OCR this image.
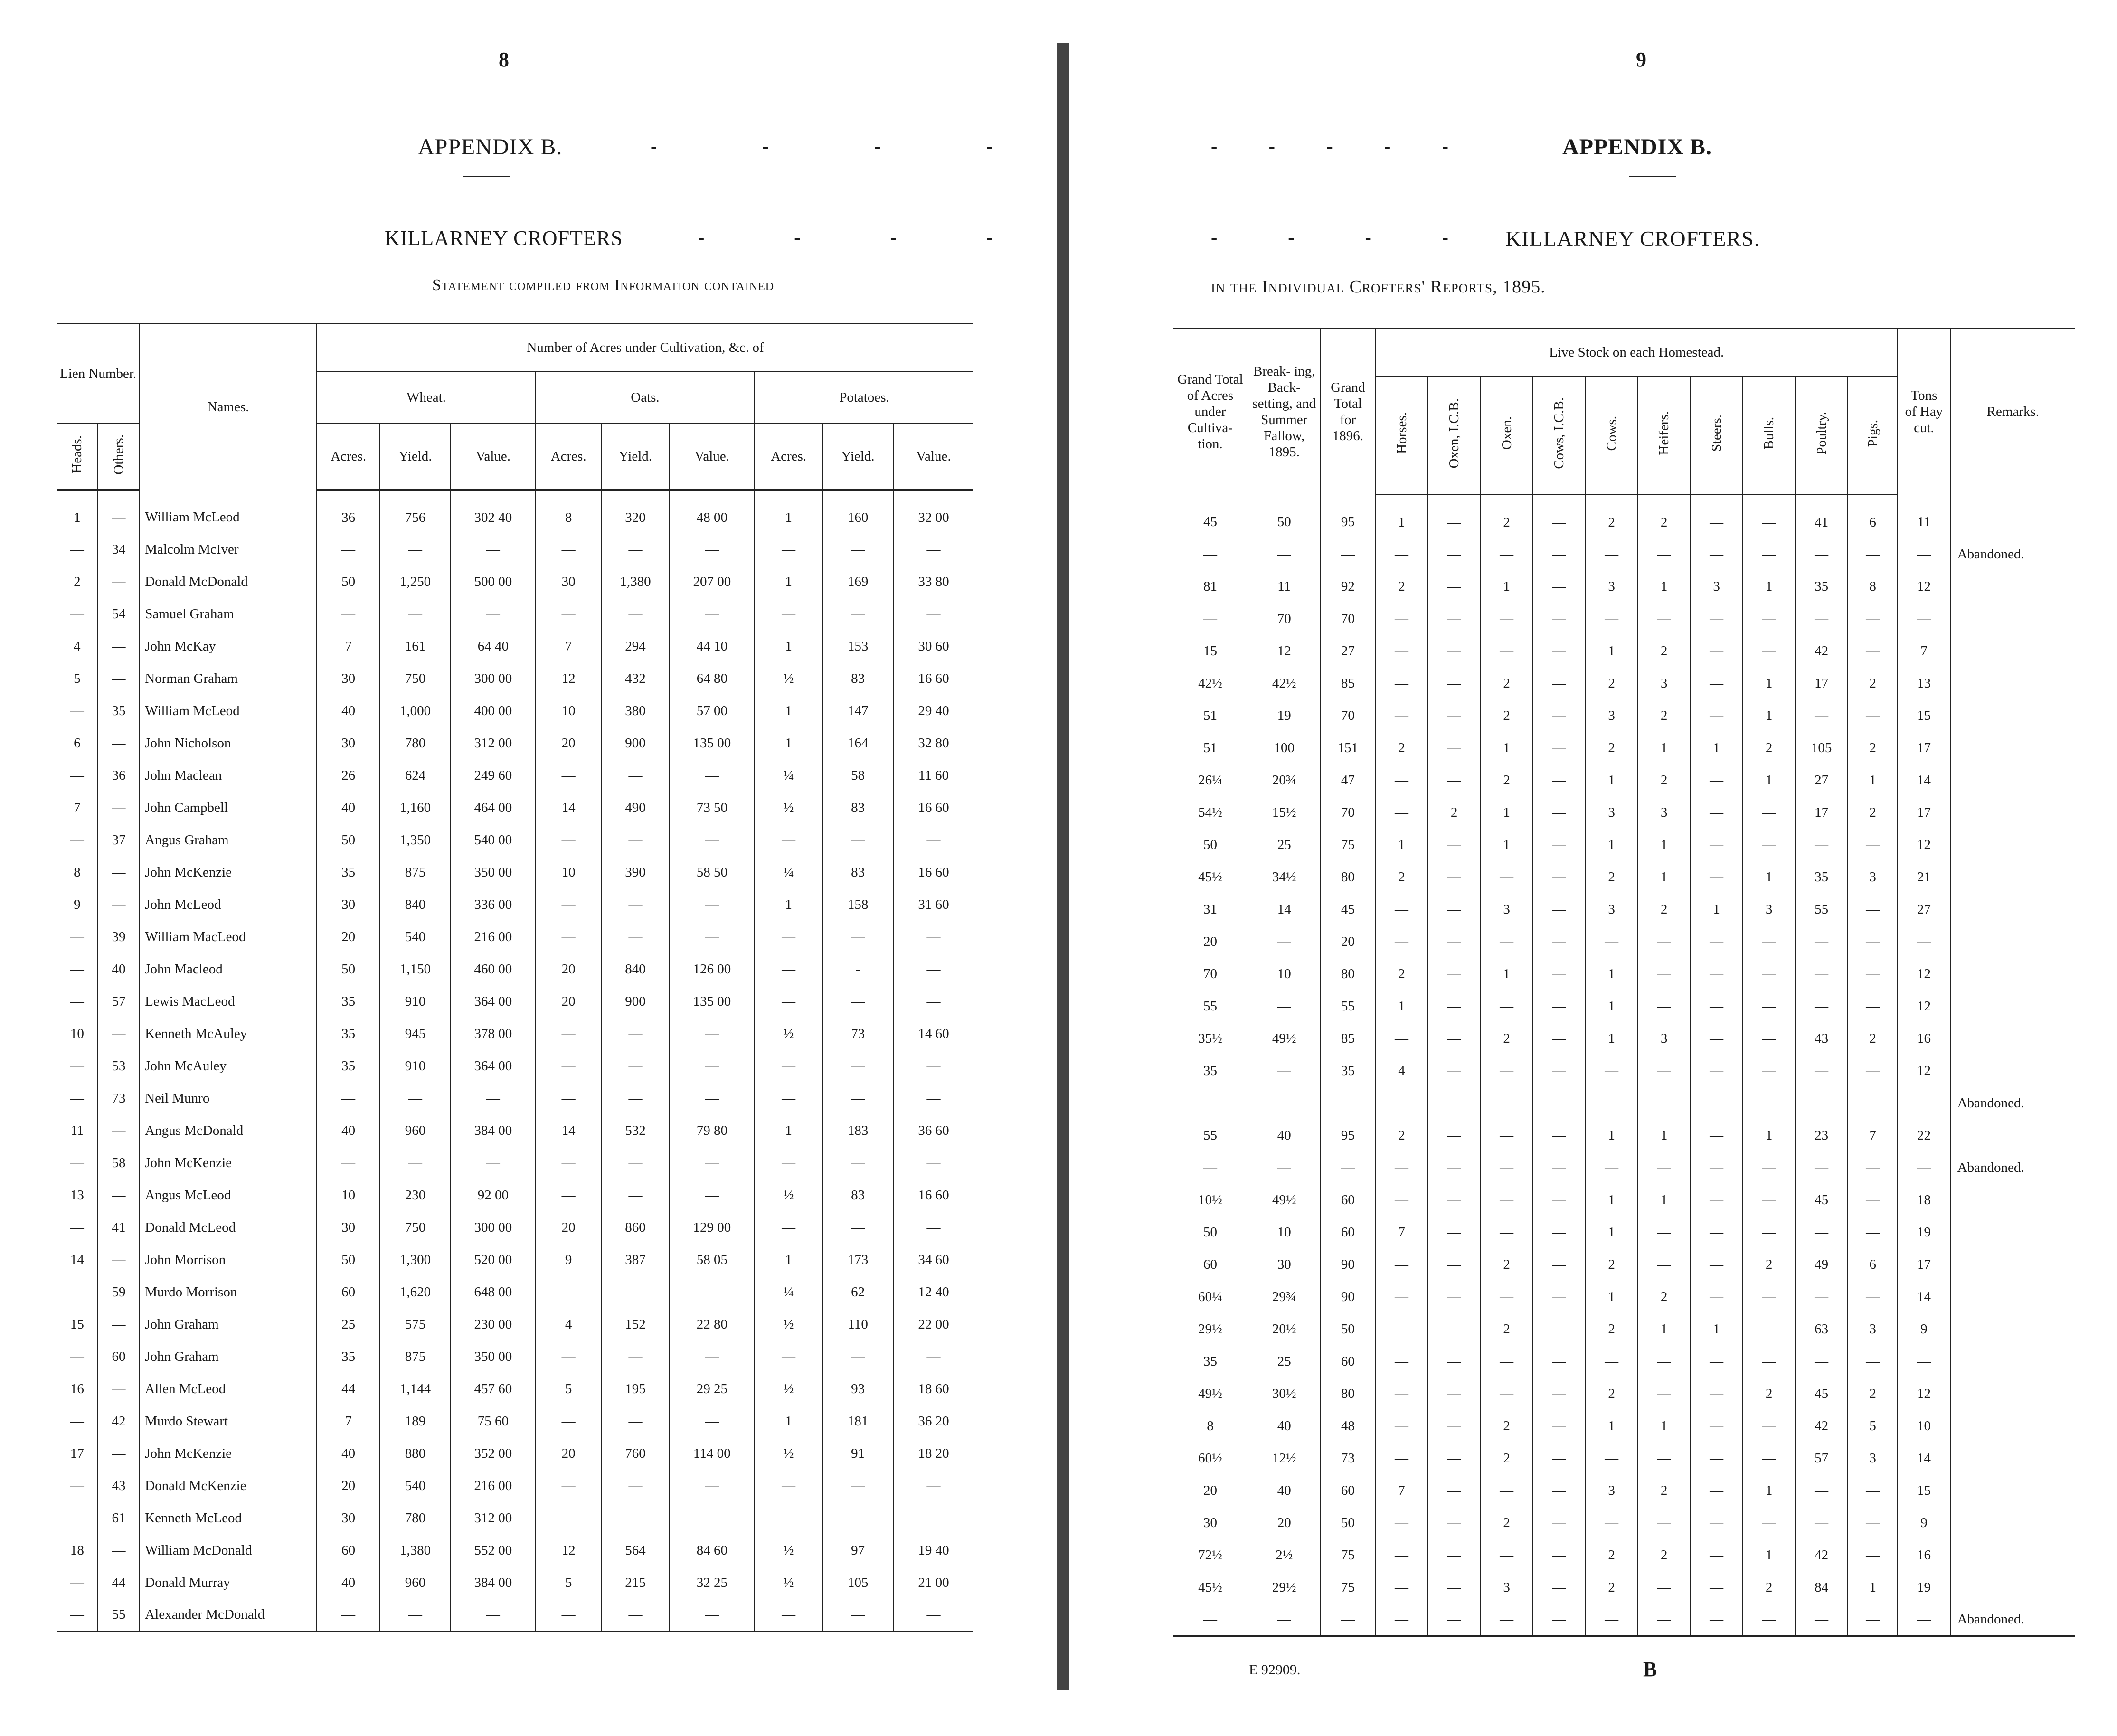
8
APPENDIX B.	-	-	-	-
KILLARNEY CROFTERS	-	-	-	-
Statement compiled from Information contained
Lien Number.		Names.	Number of Acres under Cultivation, &c. of								
			Wheat.			Oats.			Potatoes.		
Heads.	Others.		Acres.	Yield.	Value.	Acres.	Yield.	Value.	Acres.	Yield.	Value.
1	—	William McLeod	36	756	302 40	8	320	48 00	1	160	32 00
—	34	Malcolm McIver	—	—	—	—	—	—	—	—	—
2	—	Donald McDonald	50	1,250	500 00	30	1,380	207 00	1	169	33 80
—	54	Samuel Graham	—	—	—	—	—	—	—	—	—
4	—	John McKay	7	161	64 40	7	294	44 10	1	153	30 60
5	—	Norman Graham	30	750	300 00	12	432	64 80	½	83	16 60
—	35	William McLeod	40	1,000	400 00	10	380	57 00	1	147	29 40
6	—	John Nicholson	30	780	312 00	20	900	135 00	1	164	32 80
—	36	John Maclean	26	624	249 60	—	—	—	¼	58	11 60
7	—	John Campbell	40	1,160	464 00	14	490	73 50	½	83	16 60
—	37	Angus Graham	50	1,350	540 00	—	—	—	—	—	—
8	—	John McKenzie	35	875	350 00	10	390	58 50	¼	83	16 60
9	—	John McLeod	30	840	336 00	—	—	—	1	158	31 60
—	39	William MacLeod	20	540	216 00	—	—	—	—	—	—
—	40	John Macleod	50	1,150	460 00	20	840	126 00	—	-	—
—	57	Lewis MacLeod	35	910	364 00	20	900	135 00	—	—	—
10	—	Kenneth McAuley	35	945	378 00	—	—	—	½	73	14 60
—	53	John McAuley	35	910	364 00	—	—	—	—	—	—
—	73	Neil Munro	—	—	—	—	—	—	—	—	—
11	—	Angus McDonald	40	960	384 00	14	532	79 80	1	183	36 60
—	58	John McKenzie	—	—	—	—	—	—	—	—	—
13	—	Angus McLeod	10	230	92 00	—	—	—	½	83	16 60
—	41	Donald McLeod	30	750	300 00	20	860	129 00	—	—	—
14	—	John Morrison	50	1,300	520 00	9	387	58 05	1	173	34 60
—	59	Murdo Morrison	60	1,620	648 00	—	—	—	¼	62	12 40
15	—	John Graham	25	575	230 00	4	152	22 80	½	110	22 00
—	60	John Graham	35	875	350 00	—	—	—	—	—	—
16	—	Allen McLeod	44	1,144	457 60	5	195	29 25	½	93	18 60
—	42	Murdo Stewart	7	189	75 60	—	—	—	1	181	36 20
17	—	John McKenzie	40	880	352 00	20	760	114 00	½	91	18 20
—	43	Donald McKenzie	20	540	216 00	—	—	—	—	—	—
—	61	Kenneth McLeod	30	780	312 00	—	—	—	—	—	—
18	—	William McDonald	60	1,380	552 00	12	564	84 60	½	97	19 40
—	44	Donald Murray	40	960	384 00	5	215	32 25	½	105	21 00
—	55	Alexander McDonald	—	—	—	—	—	—	—	—	—
9
-	-	-	-	-	APPENDIX B.
-	-	-	-	KILLARNEY CROFTERS.
in the Individual Crofters' Reports, 1895.
Grand Total of Acres under Cultiva- tion.	Break- ing, Back- setting, and Summer Fallow, 1895.	Grand Total for 1896.	Live Stock on each Homestead.										Tons of Hay cut.	Remarks.
			Horses.	Oxen, I.C.B.	Oxen.	Cows, I.C.B.	Cows.	Heifers.	Steers.	Bulls.	Poultry.	Pigs.		
45	50	95	1	—	2	—	2	2	—	—	41	6	11	
—	—	—	—	—	—	—	—	—	—	—	—	—	—	Abandoned.
81	11	92	2	—	1	—	3	1	3	1	35	8	12	
—	70	70	—	—	—	—	—	—	—	—	—	—	—	
15	12	27	—	—	—	—	1	2	—	—	42	—	7	
42½	42½	85	—	—	2	—	2	3	—	1	17	2	13	
51	19	70	—	—	2	—	3	2	—	1	—	—	15	
51	100	151	2	—	1	—	2	1	1	2	105	2	17	
26¼	20¾	47	—	—	2	—	1	2	—	1	27	1	14	
54½	15½	70	—	2	1	—	3	3	—	—	17	2	17	
50	25	75	1	—	1	—	1	1	—	—	—	—	12	
45½	34½	80	2	—	—	—	2	1	—	1	35	3	21	
31	14	45	—	—	3	—	3	2	1	3	55	—	27	
20	—	20	—	—	—	—	—	—	—	—	—	—	—	
70	10	80	2	—	1	—	1	—	—	—	—	—	12	
55	—	55	1	—	—	—	1	—	—	—	—	—	12	
35½	49½	85	—	—	2	—	1	3	—	—	43	2	16	
35	—	35	4	—	—	—	—	—	—	—	—	—	12	
—	—	—	—	—	—	—	—	—	—	—	—	—	—	Abandoned.
55	40	95	2	—	—	—	1	1	—	1	23	7	22	
—	—	—	—	—	—	—	—	—	—	—	—	—	—	Abandoned.
10½	49½	60	—	—	—	—	1	1	—	—	45	—	18	
50	10	60	7	—	—	—	1	—	—	—	—	—	19	
60	30	90	—	—	2	—	2	—	—	2	49	6	17	
60¼	29¾	90	—	—	—	—	1	2	—	—	—	—	14	
29½	20½	50	—	—	2	—	2	1	1	—	63	3	9	
35	25	60	—	—	—	—	—	—	—	—	—	—	—	
49½	30½	80	—	—	—	—	2	—	—	2	45	2	12	
8	40	48	—	—	2	—	1	1	—	—	42	5	10	
60½	12½	73	—	—	2	—	—	—	—	—	57	3	14	
20	40	60	7	—	—	—	3	2	—	1	—	—	15	
30	20	50	—	—	2	—	—	—	—	—	—	—	9	
72½	2½	75	—	—	—	—	2	2	—	1	42	—	16	
45½	29½	75	—	—	3	—	2	—	—	2	84	1	19	
—	—	—	—	—	—	—	—	—	—	—	—	—	—	Abandoned.
E 92909.	B
